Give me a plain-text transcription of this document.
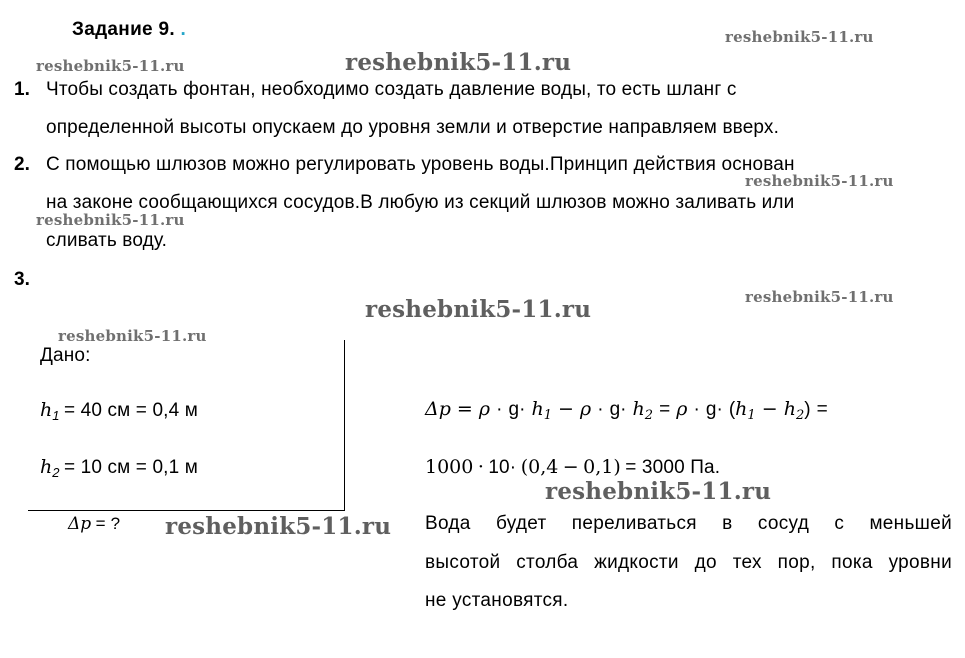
Задание 9. .
1. Чтобы создать фонтан, необходимо создать давление воды, то есть шланг с
определенной высоты опускаем до уровня земли и отверстие направляем вверх.
2. С помощью шлюзов можно регулировать уровень воды.Принцип действия основан
на законе сообщающихся сосудов.В любую из секций шлюзов можно заливать или
сливать воду.
3.
Дано:
$h_1 = 40$ см = 0,4 м
$h_2 = 10$ см = 0,1 м
Δp = ?
$\Delta p = \rho \cdot g\cdot h_1 - \rho \cdot g\cdot h_2 = \rho \cdot g\cdot (h_1 - h_2)$ =
1000 · 10· (0,4 − 0,1) = 3000 Па.
Вода будет переливаться в сосуд с меньшей
высотой столба жидкости до тех пор, пока уровни
не установятся.
reshebnik5-11.ru
reshebnik5-11.ru	reshebnik5-11.ru
reshebnik5-11.ru
reshebnik5-11.ru
reshebnik5-11.ru
reshebnik5-11.ru
reshebnik5-11.ru
reshebnik5-11.ru
reshebnik5-11.ru
